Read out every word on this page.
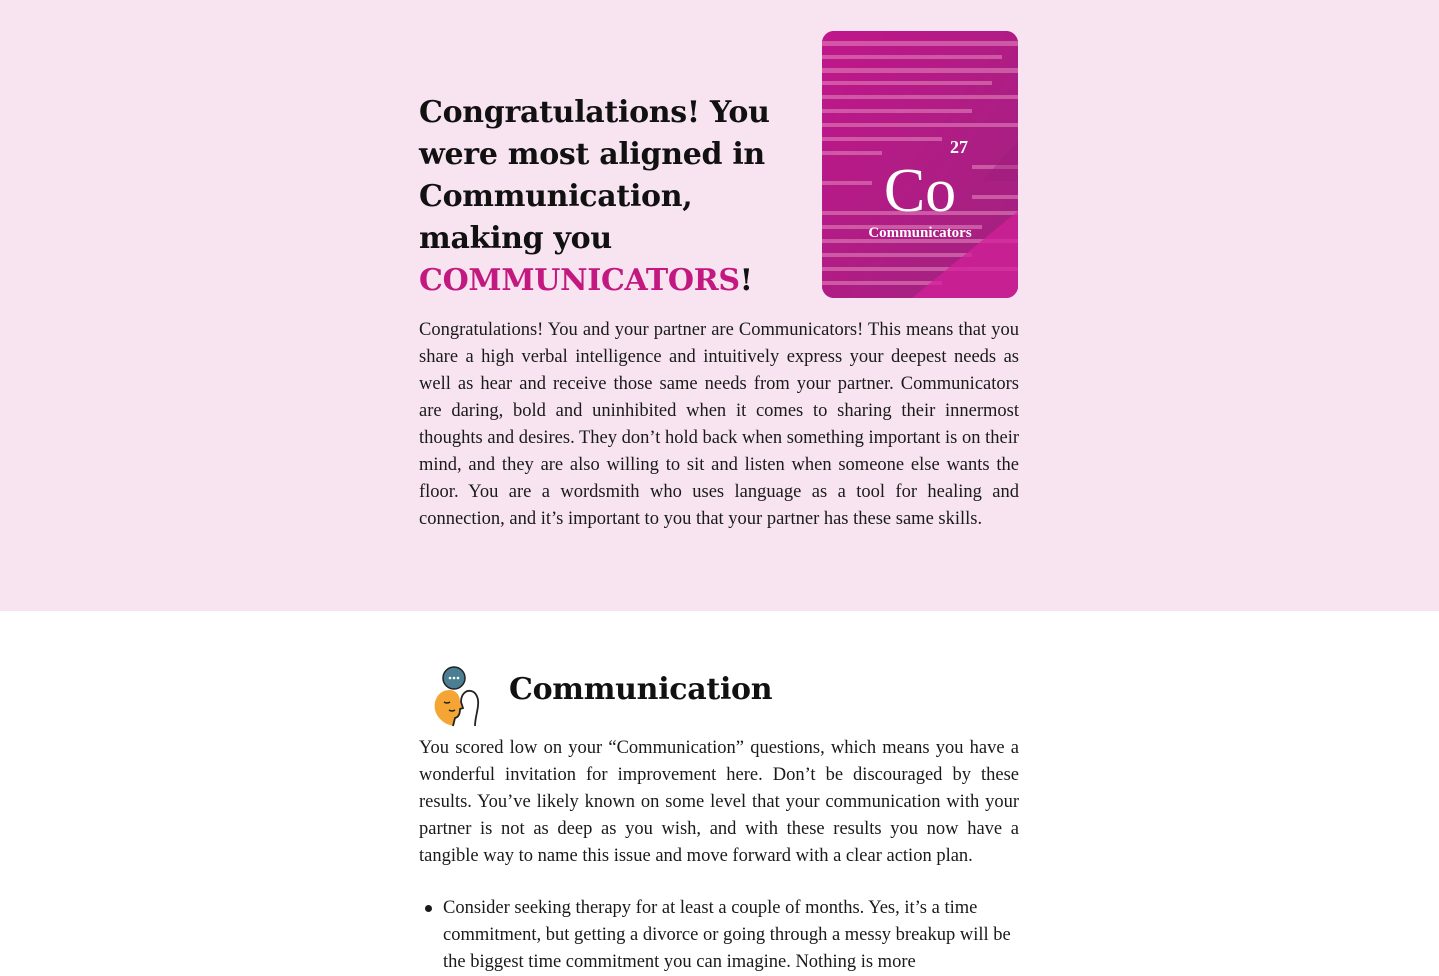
Congratulations! You were most aligned in Communication, making you COMMUNICATORS!
27
Co
Communicators

Congratulations! You and your partner are Communicators! This means that you share a high verbal intelligence and intuitively express your deepest needs as well as hear and receive those same needs from your partner. Communicators are daring, bold and uninhibited when it comes to sharing their innermost thoughts and desires. They don’t hold back when something important is on their mind, and they are also willing to sit and listen when someone else wants the floor. You are a wordsmith who uses language as a tool for healing and connection, and it’s important to you that your partner has these same skills.

Communication

You scored low on your “Communication” questions, which means you have a wonderful invitation for improvement here. Don’t be discouraged by these results. You’ve likely known on some level that your communication with your partner is not as deep as you wish, and with these results you now have a tangible way to name this issue and move forward with a clear action plan.

Consider seeking therapy for at least a couple of months. Yes, it’s a time commitment, but getting a divorce or going through a messy breakup will be the biggest time commitment you can imagine. Nothing is more
